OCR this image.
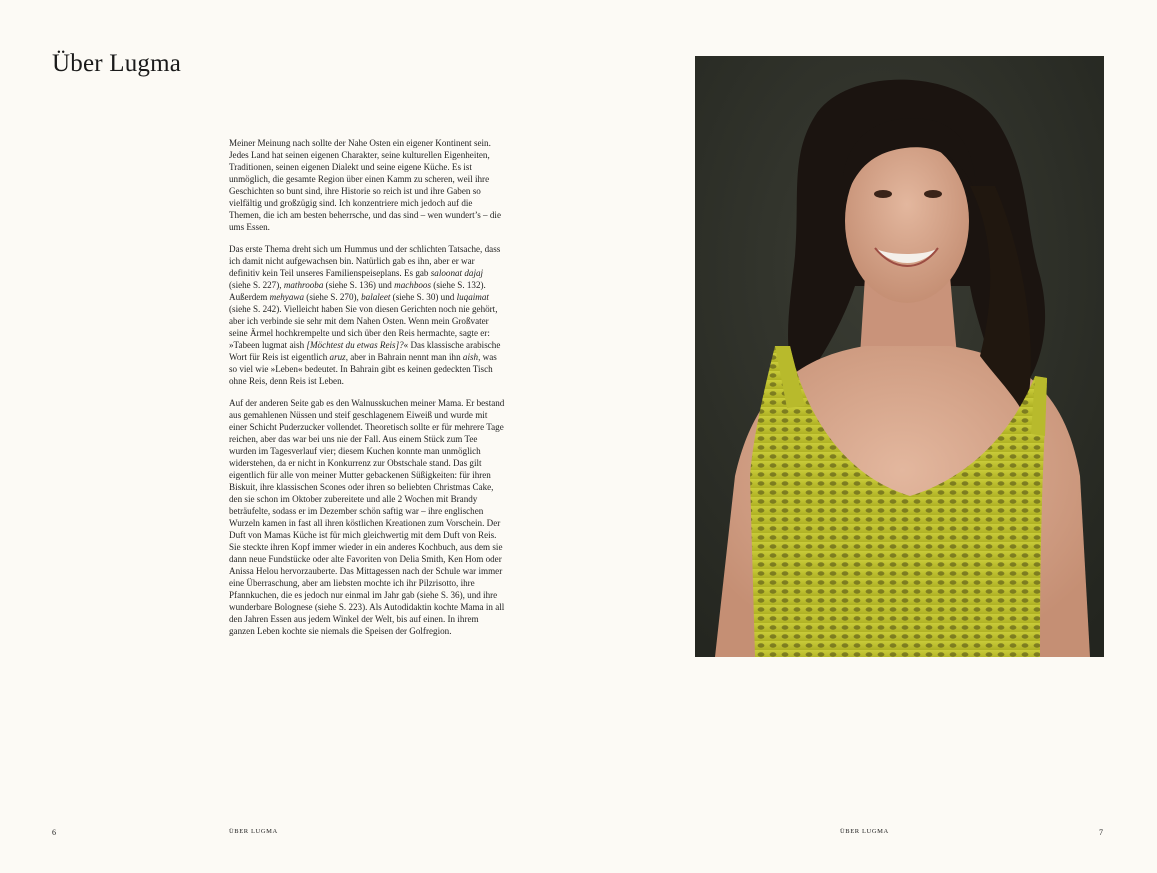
Über Lugma

Meiner Meinung nach sollte der Nahe Osten ein eigener Kontinent sein. Jedes Land hat seinen eigenen Charakter, seine kulturellen Eigenheiten, Traditionen, seinen eigenen Dialekt und seine eigene Küche. Es ist unmöglich, die gesamte Region über einen Kamm zu scheren, weil ihre Geschichten so bunt sind, ihre Historie so reich ist und ihre Gaben so vielfältig und großzügig sind. Ich konzentriere mich jedoch auf die Themen, die ich am besten beherrsche, und das sind – wen wundert’s – die ums Essen.

Das erste Thema dreht sich um Hummus und der schlichten Tatsache, dass ich damit nicht aufgewachsen bin. Natürlich gab es ihn, aber er war definitiv kein Teil unseres Familienspeiseplans. Es gab saloonat dajaj (siehe S. 227), mathrooba (siehe S. 136) und machboos (siehe S. 132). Außerdem mehyawa (siehe S. 270), balaleet (siehe S. 30) und luqaimat (siehe S. 242). Vielleicht haben Sie von diesen Gerichten noch nie gehört, aber ich verbinde sie sehr mit dem Nahen Osten. Wenn mein Großvater seine Ärmel hochkrempelte und sich über den Reis hermachte, sagte er: »Tabeen lugmat aish [Möchtest du etwas Reis]?« Das klassische arabische Wort für Reis ist eigentlich aruz, aber in Bahrain nennt man ihn aish, was so viel wie »Leben« bedeutet. In Bahrain gibt es keinen gedeckten Tisch ohne Reis, denn Reis ist Leben.

Auf der anderen Seite gab es den Walnusskuchen meiner Mama. Er bestand aus gemahlenen Nüssen und steif geschlagenem Eiweiß und wurde mit einer Schicht Puderzucker vollendet. Theoretisch sollte er für mehrere Tage reichen, aber das war bei uns nie der Fall. Aus einem Stück zum Tee wurden im Tagesverlauf vier; diesem Kuchen konnte man unmöglich widerstehen, da er nicht in Konkurrenz zur Obstschale stand. Das gilt eigentlich für alle von meiner Mutter gebackenen Süßigkeiten: für ihren Biskuit, ihre klassischen Scones oder ihren so beliebten Christmas Cake, den sie schon im Oktober zubereitete und alle 2 Wochen mit Brandy beträufelte, sodass er im Dezember schön saftig war – ihre englischen Wurzeln kamen in fast all ihren köstlichen Kreationen zum Vorschein. Der Duft von Mamas Küche ist für mich gleichwertig mit dem Duft von Reis. Sie steckte ihren Kopf immer wieder in ein anderes Kochbuch, aus dem sie dann neue Fundstücke oder alte Favoriten von Delia Smith, Ken Hom oder Anissa Helou hervorzauberte. Das Mittagessen nach der Schule war immer eine Überraschung, aber am liebsten mochte ich ihr Pilzrisotto, ihre Pfannkuchen, die es jedoch nur einmal im Jahr gab (siehe S. 36), und ihre wunderbare Bolognese (siehe S. 223). Als Autodidaktin kochte Mama in all den Jahren Essen aus jedem Winkel der Welt, bis auf einen. In ihrem ganzen Leben kochte sie niemals die Speisen der Golfregion.

6	ÜBER LUGMA	ÜBER LUGMA	7
